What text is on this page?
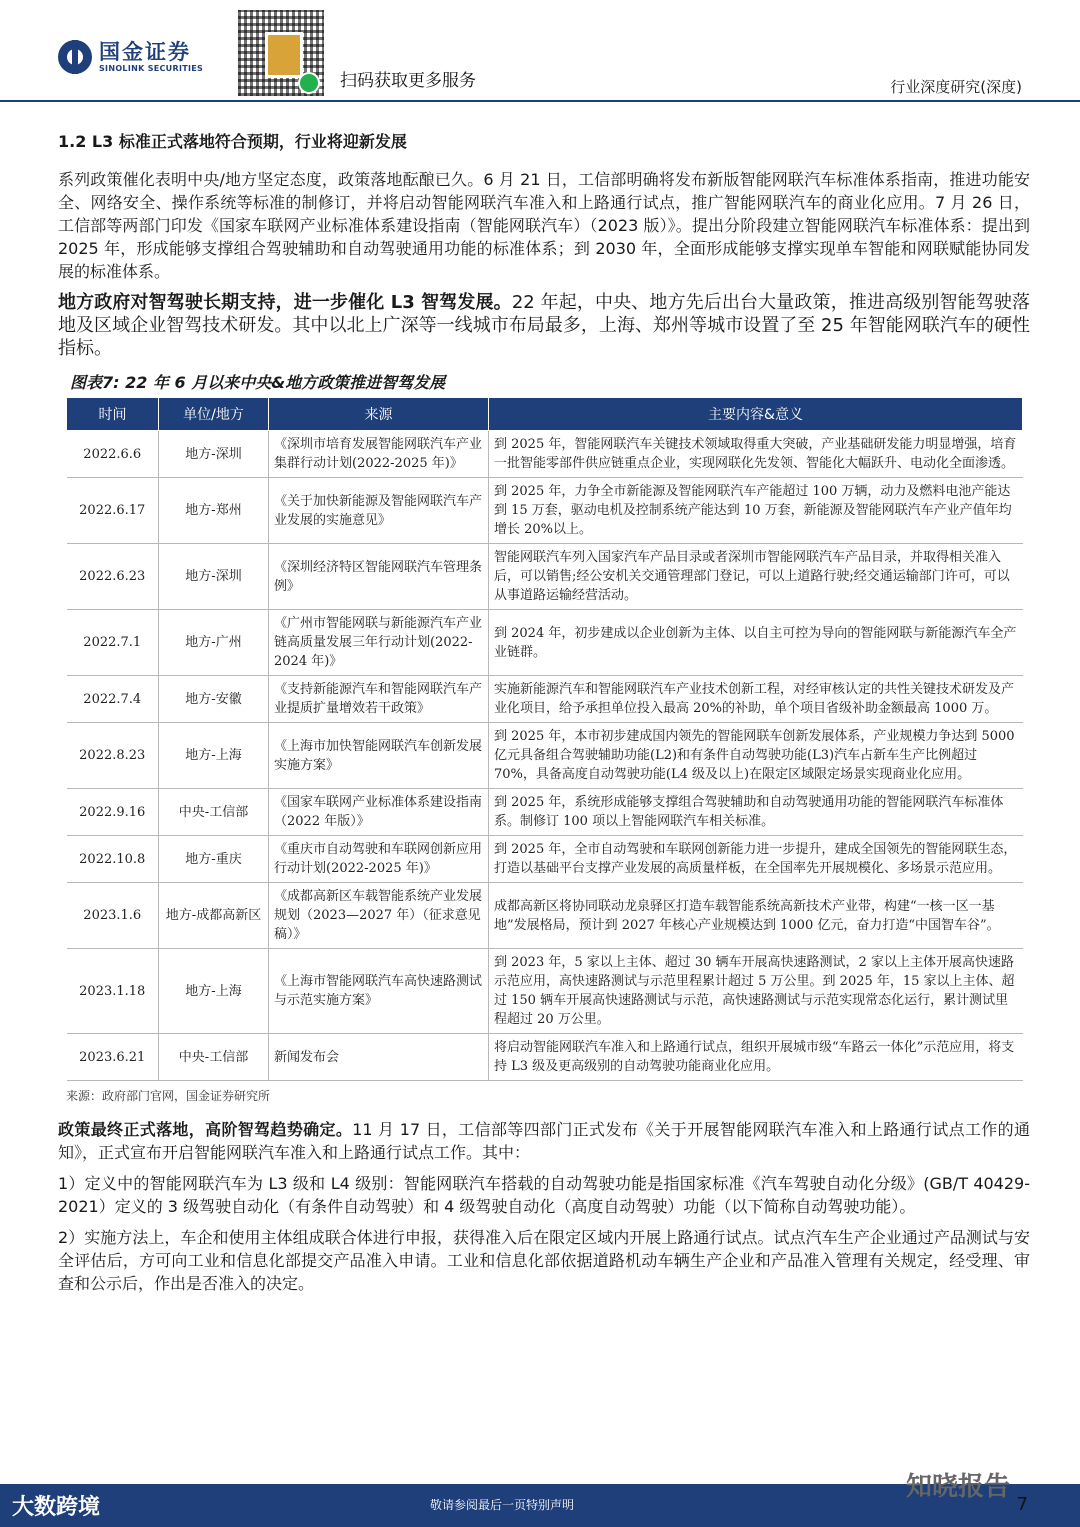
国金证券
SINOLINK SECURITIES
扫码获取更多服务	行业深度研究(深度)
1.2 L3 标准正式落地符合预期，行业将迎新发展

系列政策催化表明中央/地方坚定态度，政策落地酝酿已久。6 月 21 日，工信部明确将发布新版智能网联汽车标准体系指南，推进功能安全、网络安全、操作系统等标准的制修订，并将启动智能网联汽车准入和上路通行试点，推广智能网联汽车的商业化应用。7 月 26 日，工信部等两部门印发《国家车联网产业标准体系建设指南（智能网联汽车）（2023 版）》。提出分阶段建立智能网联汽车标准体系：提出到 2025 年，形成能够支撑组合驾驶辅助和自动驾驶通用功能的标准体系；到 2030 年，全面形成能够支撑实现单车智能和网联赋能协同发展的标准体系。

地方政府对智驾驶长期支持，进一步催化 L3 智驾发展。22 年起，中央、地方先后出台大量政策，推进高级别智能驾驶落地及区域企业智驾技术研发。其中以北上广深等一线城市布局最多，上海、郑州等城市设置了至 25 年智能网联汽车的硬性指标。

图表7: 22 年 6 月以来中央&地方政策推进智驾发展
时间	单位/地方	来源	主要内容&意义
2022.6.6	地方-深圳	《深圳市培育发展智能网联汽车产业集群行动计划(2022-2025 年)》	到 2025 年，智能网联汽车关键技术领域取得重大突破，产业基础研发能力明显增强，培育一批智能零部件供应链重点企业，实现网联化先发领、智能化大幅跃升、电动化全面渗透。
2022.6.17	地方-郑州	《关于加快新能源及智能网联汽车产业发展的实施意见》	到 2025 年，力争全市新能源及智能网联汽车产能超过 100 万辆，动力及燃料电池产能达到 15 万套，驱动电机及控制系统产能达到 10 万套，新能源及智能网联汽车产业产值年均增长 20%以上。
2022.6.23	地方-深圳	《深圳经济特区智能网联汽车管理条例》	智能网联汽车列入国家汽车产品目录或者深圳市智能网联汽车产品目录，并取得相关准入后，可以销售;经公安机关交通管理部门登记，可以上道路行驶;经交通运输部门许可，可以从事道路运输经营活动。
2022.7.1	地方-广州	《广州市智能网联与新能源汽车产业链高质量发展三年行动计划(2022-2024 年)》	到 2024 年，初步建成以企业创新为主体、以自主可控为导向的智能网联与新能源汽车全产业链群。
2022.7.4	地方-安徽	《支持新能源汽车和智能网联汽车产业提质扩量增效若干政策》	实施新能源汽车和智能网联汽车产业技术创新工程，对经审核认定的共性关键技术研发及产业化项目，给予承担单位投入最高 20%的补助，单个项目省级补助金额最高 1000 万。
2022.8.23	地方-上海	《上海市加快智能网联汽车创新发展实施方案》	到 2025 年，本市初步建成国内领先的智能网联车创新发展体系，产业规模力争达到 5000 亿元具备组合驾驶辅助功能(L2)和有条件自动驾驶功能(L3)汽车占新车生产比例超过 70%，具备高度自动驾驶功能(L4 级及以上)在限定区域限定场景实现商业化应用。
2022.9.16	中央-工信部	《国家车联网产业标准体系建设指南（2022 年版）》	到 2025 年，系统形成能够支撑组合驾驶辅助和自动驾驶通用功能的智能网联汽车标准体系。制修订 100 项以上智能网联汽车相关标准。
2022.10.8	地方-重庆	《重庆市自动驾驶和车联网创新应用行动计划(2022-2025 年)》	到 2025 年，全市自动驾驶和车联网创新能力进一步提升，建成全国领先的智能网联生态，打造以基础平台支撑产业发展的高质量样板，在全国率先开展规模化、多场景示范应用。
2023.1.6	地方-成都高新区	《成都高新区车载智能系统产业发展规划（2023—2027 年）（征求意见稿）》	成都高新区将协同联动龙泉驿区打造车载智能系统高新技术产业带，构建“一核一区一基地”发展格局，预计到 2027 年核心产业规模达到 1000 亿元，奋力打造“中国智车谷”。
2023.1.18	地方-上海	《上海市智能网联汽车高快速路测试与示范实施方案》	到 2023 年，5 家以上主体、超过 30 辆车开展高快速路测试，2 家以上主体开展高快速路示范应用，高快速路测试与示范里程累计超过 5 万公里。到 2025 年，15 家以上主体、超过 150 辆车开展高快速路测试与示范，高快速路测试与示范实现常态化运行，累计测试里程超过 20 万公里。
2023.6.21	中央-工信部	新闻发布会	将启动智能网联汽车准入和上路通行试点，组织开展城市级“车路云一体化”示范应用，将支持 L3 级及更高级别的自动驾驶功能商业化应用。
来源：政府部门官网，国金证券研究所

政策最终正式落地，高阶智驾趋势确定。11 月 17 日，工信部等四部门正式发布《关于开展智能网联汽车准入和上路通行试点工作的通知》，正式宣布开启智能网联汽车准入和上路通行试点工作。其中：

1）定义中的智能网联汽车为 L3 级和 L4 级别：智能网联汽车搭载的自动驾驶功能是指国家标准《汽车驾驶自动化分级》(GB/T 40429-2021）定义的 3 级驾驶自动化（有条件自动驾驶）和 4 级驾驶自动化（高度自动驾驶）功能（以下简称自动驾驶功能）。

2）实施方法上，车企和使用主体组成联合体进行申报，获得准入后在限定区域内开展上路通行试点。试点汽车生产企业通过产品测试与安全评估后，方可向工业和信息化部提交产品准入申请。工业和信息化部依据道路机动车辆生产企业和产品准入管理有关规定，经受理、审查和公示后，作出是否准入的决定。

大数跨境	敬请参阅最后一页特别声明
知晓报告
7
